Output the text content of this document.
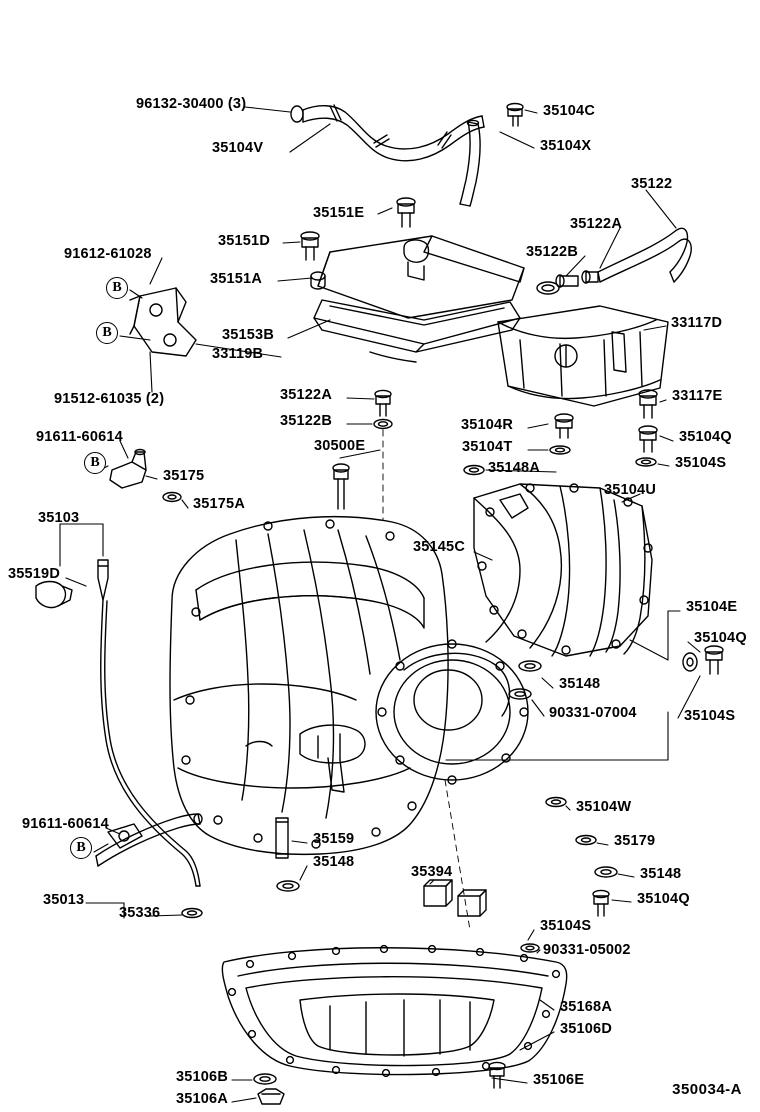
96132-30400 (3)	35104C
35104V	35104X
35122
35151E
35122A
35151D
35122B
91612-61028
35151A
35153B
33117D
33119B
91512-61035 (2)	35122A	33117E
35122B	35104R
35104Q
91611-60614
30500E	35104T
35104S
35148A
35175
35104U
35175A
35103
35145C
35519D
35104E
35104Q
35148
90331-07004	35104S
35104W
91611-60614
35179
35159
35148
35148
35394
35013	35104Q
35336
35104S
90331-05002
35168A
35106D
35106B	35106E
35106A
B
B
B
B
350034-A
